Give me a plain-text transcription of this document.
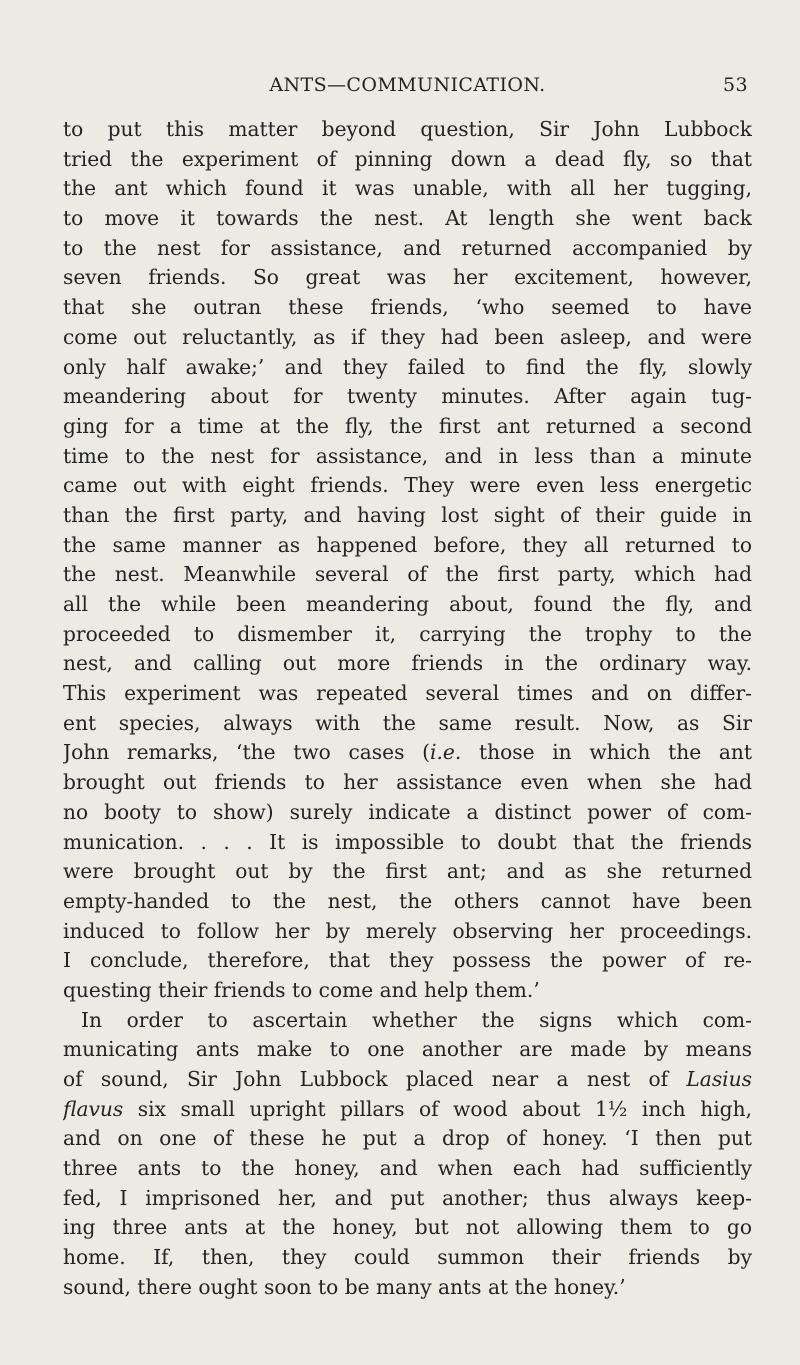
ANTS—COMMUNICATION.	53
to put this matter beyond question, Sir John Lubbock
tried the experiment of pinning down a dead fly, so that
the ant which found it was unable, with all her tugging,
to move it towards the nest. At length she went back
to the nest for assistance, and returned accompanied by
seven friends. So great was her excitement, however,
that she outran these friends, ‘who seemed to have
come out reluctantly, as if they had been asleep, and were
only half awake;’ and they failed to find the fly, slowly
meandering about for twenty minutes. After again tug-
ging for a time at the fly, the first ant returned a second
time to the nest for assistance, and in less than a minute
came out with eight friends. They were even less energetic
than the first party, and having lost sight of their guide in
the same manner as happened before, they all returned to
the nest. Meanwhile several of the first party, which had
all the while been meandering about, found the fly, and
proceeded to dismember it, carrying the trophy to the
nest, and calling out more friends in the ordinary way.
This experiment was repeated several times and on differ-
ent species, always with the same result. Now, as Sir
John remarks, ‘the two cases (i.e. those in which the ant
brought out friends to her assistance even when she had
no booty to show) surely indicate a distinct power of com-
munication. . . . It is impossible to doubt that the friends
were brought out by the first ant; and as she returned
empty-handed to the nest, the others cannot have been
induced to follow her by merely observing her proceedings.
I conclude, therefore, that they possess the power of re-
questing their friends to come and help them.’
In order to ascertain whether the signs which com-
municating ants make to one another are made by means
of sound, Sir John Lubbock placed near a nest of Lasius
flavus six small upright pillars of wood about 1½ inch high,
and on one of these he put a drop of honey. ‘I then put
three ants to the honey, and when each had sufficiently
fed, I imprisoned her, and put another; thus always keep-
ing three ants at the honey, but not allowing them to go
home. If, then, they could summon their friends by
sound, there ought soon to be many ants at the honey.’
